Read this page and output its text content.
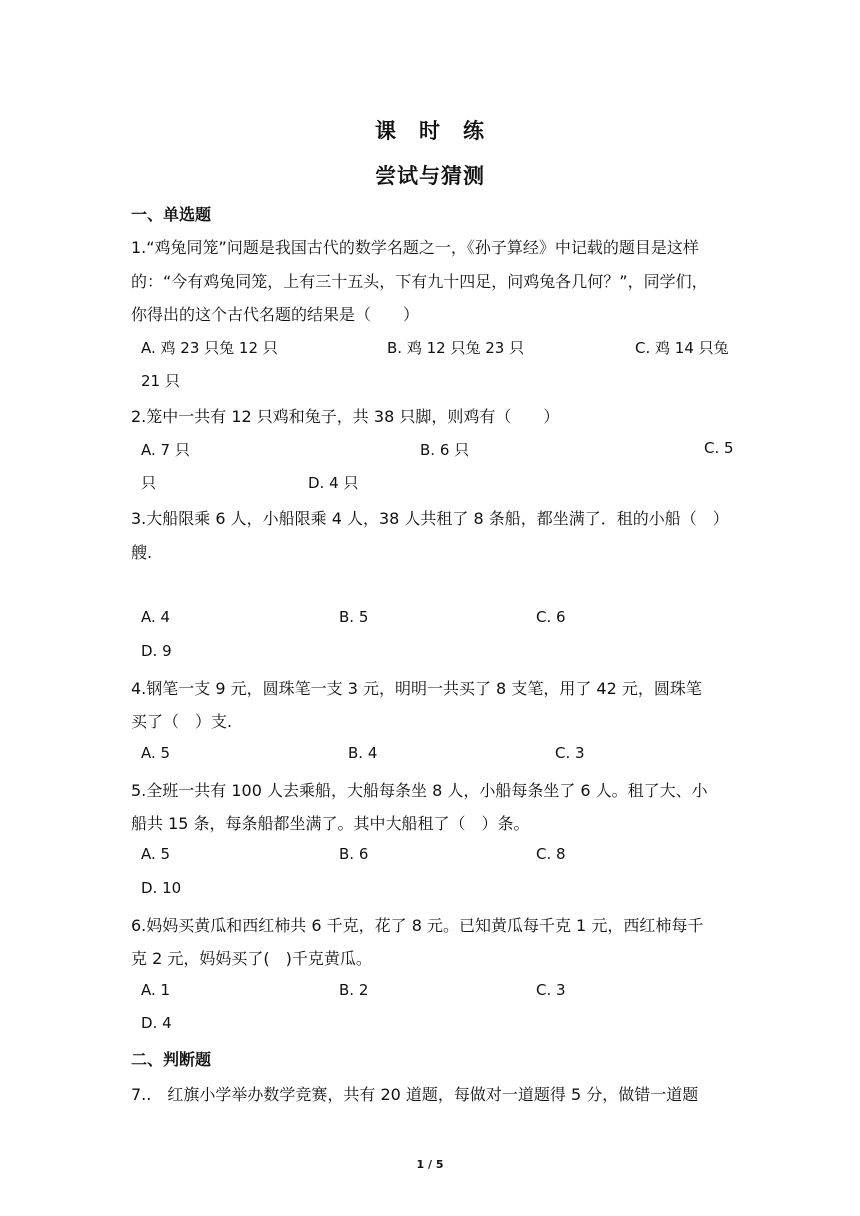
课　时　练
尝试与猜测
一、单选题
1.“鸡兔同笼”问题是我国古代的数学名题之一，《孙子算经》中记载的题目是这样
的：“今有鸡兔同笼，上有三十五头，下有九十四足，问鸡兔各几何？”，同学们，
你得出的这个古代名题的结果是（　　）
A. 鸡 23 只兔 12 只	B. 鸡 12 只兔 23 只	C. 鸡 14 只兔
21 只
2.笼中一共有 12 只鸡和兔子，共 38 只脚，则鸡有（　　）
A. 7 只	B. 6 只	C. 5
只	D. 4 只
3.大船限乘 6 人，小船限乘 4 人，38 人共租了 8 条船，都坐满了．租的小船（　）
艘.
A. 4	B. 5	C. 6
D. 9
4.钢笔一支 9 元，圆珠笔一支 3 元，明明一共买了 8 支笔，用了 42 元，圆珠笔
买了（　）支.
A. 5	B. 4	C. 3
5.全班一共有 100 人去乘船，大船每条坐 8 人，小船每条坐了 6 人。租了大、小
船共 15 条，每条船都坐满了。其中大船租了（　）条。
A. 5	B. 6	C. 8
D. 10
6.妈妈买黄瓜和西红柿共 6 千克，花了 8 元。已知黄瓜每千克 1 元，西红柿每千
克 2 元，妈妈买了(　)千克黄瓜。
A. 1	B. 2	C. 3
D. 4
二、判断题
7..　红旗小学举办数学竞赛，共有 20 道题，每做对一道题得 5 分，做错一道题
1 / 5
